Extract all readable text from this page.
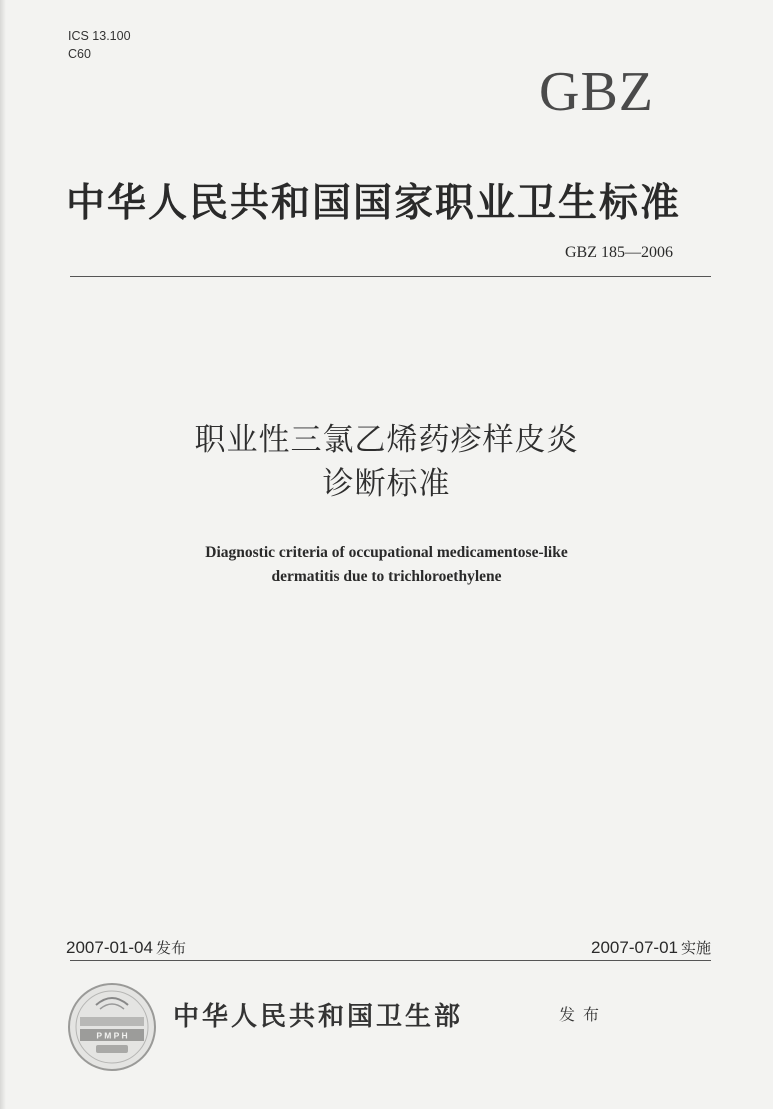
ICS 13.100
C60
GBZ
中华人民共和国国家职业卫生标准
GBZ 185—2006
职业性三氯乙烯药疹样皮炎
诊断标准
Diagnostic criteria of occupational medicamentose-like
dermatitis due to trichloroethylene
2007-01-04 发布	2007-07-01 实施
P M P H
中华人民共和国卫生部	发布
